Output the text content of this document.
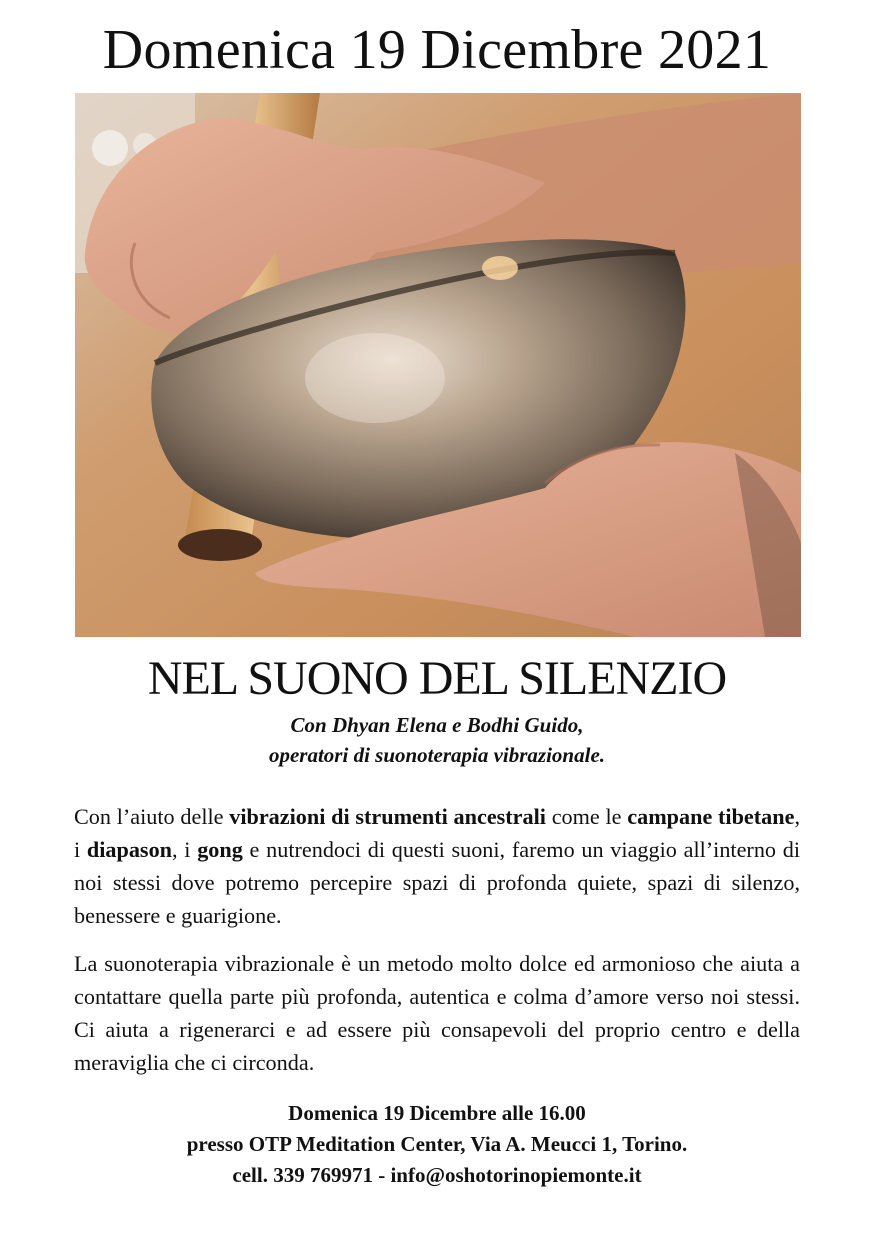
Domenica 19 Dicembre 2021
NEL SUONO DEL SILENZIO
Con Dhyan Elena e Bodhi Guido,
operatori di suonoterapia vibrazionale.

Con l’aiuto delle vibrazioni di strumenti ancestrali come le campane tibetane, i diapason, i gong e nutrendoci di questi suoni, faremo un viaggio all’interno di noi stessi dove potremo percepire spazi di profonda quiete, spazi di silenzo, benessere e guarigione.

La suonoterapia vibrazionale è un metodo molto dolce ed armonioso che aiuta a contattare quella parte più profonda, autentica e colma d’amore verso noi stessi. Ci aiuta a rigenerarci e ad essere più consapevoli del proprio centro e della meraviglia che ci circonda.

Domenica 19 Dicembre alle 16.00
presso OTP Meditation Center, Via A. Meucci 1, Torino.
cell. 339 769971 - info@oshotorinopiemonte.it
